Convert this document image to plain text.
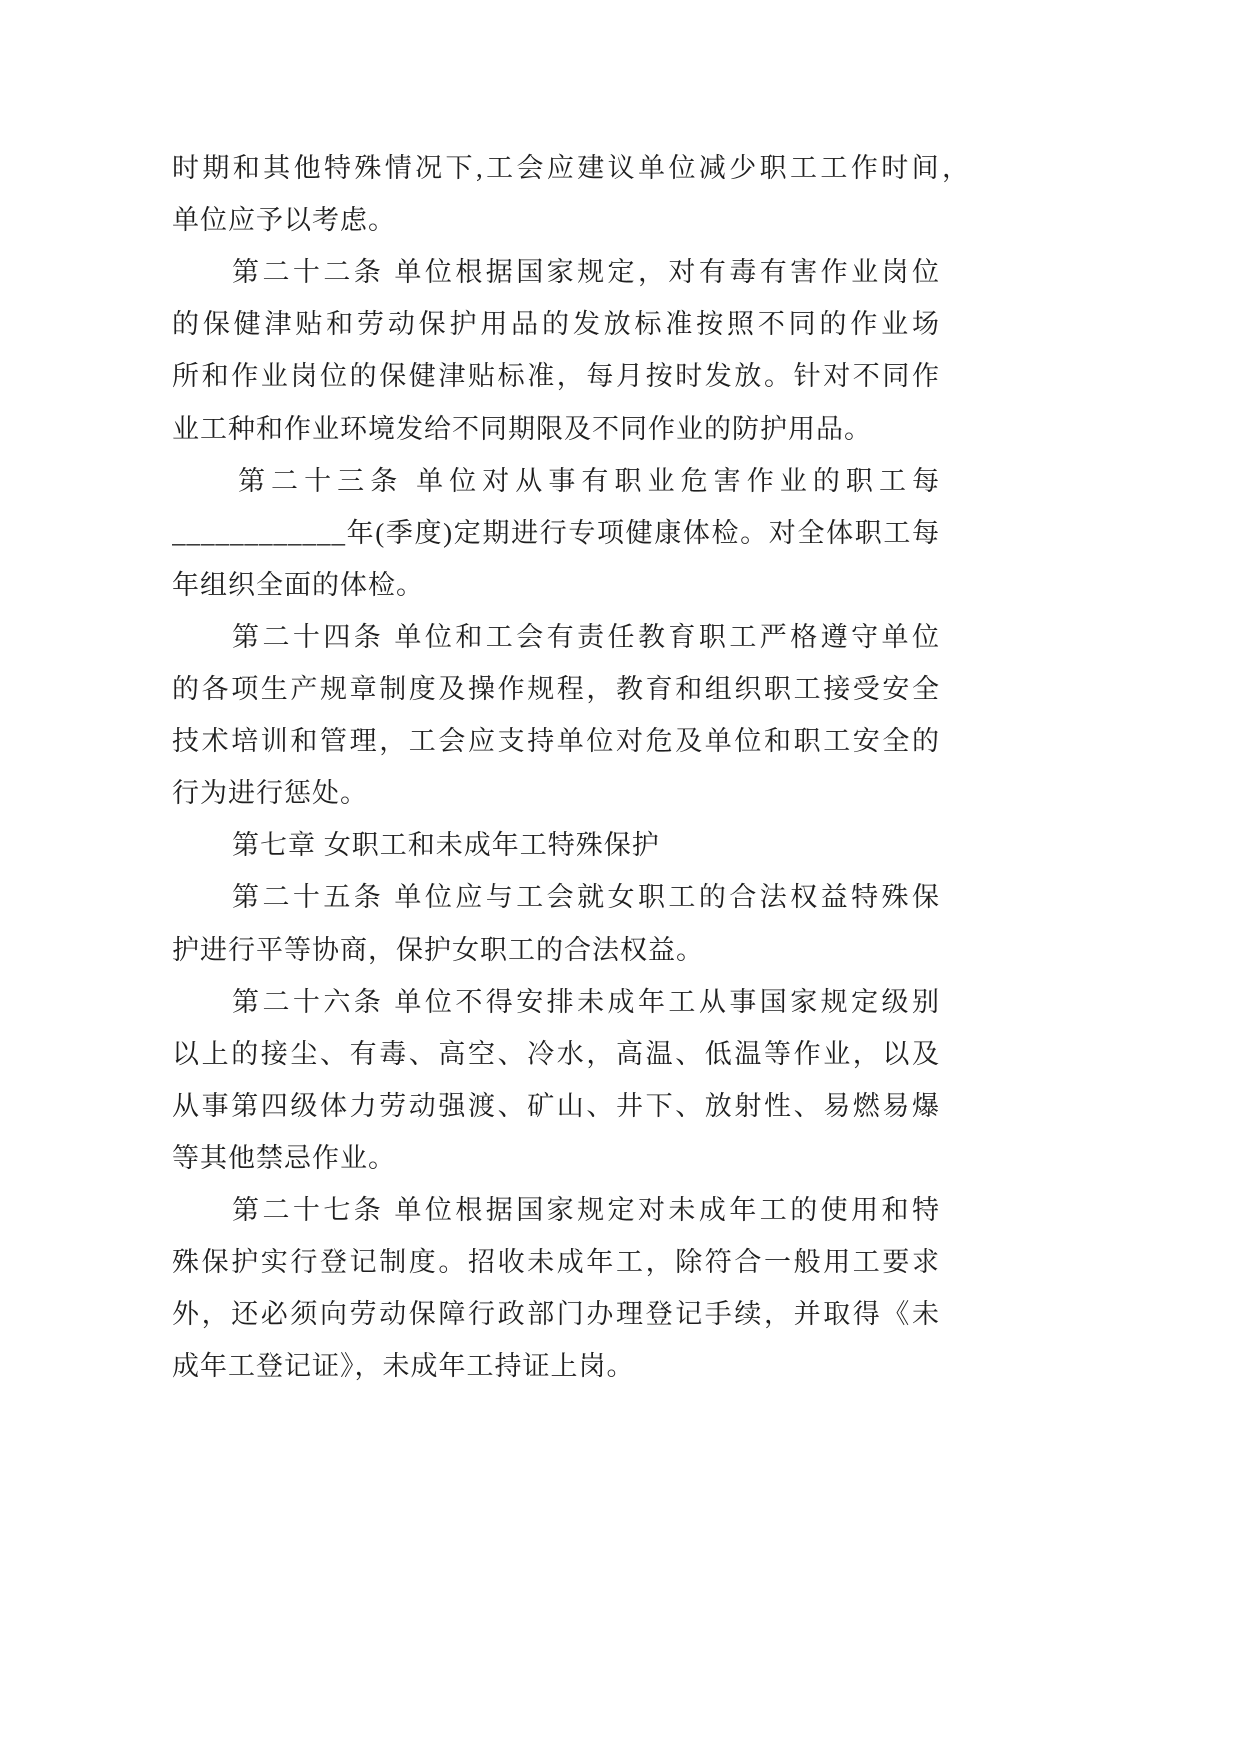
时期和其他特殊情况下,工会应建议单位减少职工工作时间，
单位应予以考虑。
第二十二条 单位根据国家规定，对有毒有害作业岗位
的保健津贴和劳动保护用品的发放标准按照不同的作业场
所和作业岗位的保健津贴标准，每月按时发放。针对不同作
业工种和作业环境发给不同期限及不同作业的防护用品。
第二十三条 单位对从事有职业危害作业的职工每
____________年(季度)定期进行专项健康体检。对全体职工每
年组织全面的体检。
第二十四条 单位和工会有责任教育职工严格遵守单位
的各项生产规章制度及操作规程，教育和组织职工接受安全
技术培训和管理，工会应支持单位对危及单位和职工安全的
行为进行惩处。
第七章 女职工和未成年工特殊保护
第二十五条 单位应与工会就女职工的合法权益特殊保
护进行平等协商，保护女职工的合法权益。
第二十六条 单位不得安排未成年工从事国家规定级别
以上的接尘、有毒、高空、冷水，高温、低温等作业，以及
从事第四级体力劳动强渡、矿山、井下、放射性、易燃易爆
等其他禁忌作业。
第二十七条 单位根据国家规定对未成年工的使用和特
殊保护实行登记制度。招收未成年工，除符合一般用工要求
外，还必须向劳动保障行政部门办理登记手续，并取得《未
成年工登记证》，未成年工持证上岗。
